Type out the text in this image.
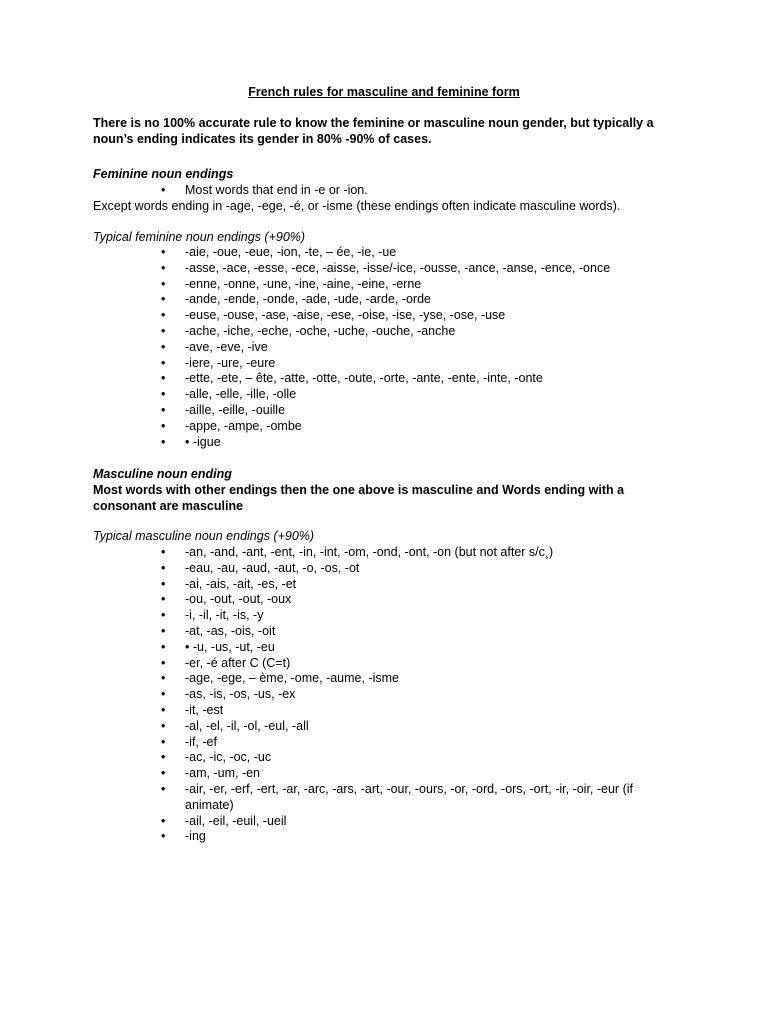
French rules for masculine and feminine form
There is no 100% accurate rule to know the feminine or masculine noun gender, but typically a noun’s ending indicates its gender in 80% -90% of cases.
Feminine noun endings
• Most words that end in -e or -ion.
Except words ending in -age, -ege, -é, or -isme (these endings often indicate masculine words).
Typical feminine noun endings (+90%)
• -aie, -oue, -eue, -ion, -te, – ée, -ie, -ue
• -asse, -ace, -esse, -ece, -aisse, -isse/-ice, -ousse, -ance, -anse, -ence, -once
• -enne, -onne, -une, -ine, -aine, -eine, -erne
• -ande, -ende, -onde, -ade, -ude, -arde, -orde
• -euse, -ouse, -ase, -aise, -ese, -oise, -ise, -yse, -ose, -use
• -ache, -iche, -eche, -oche, -uche, -ouche, -anche
• -ave, -eve, -ive
• -iere, -ure, -eure
• -ette, -ete, – ête, -atte, -otte, -oute, -orte, -ante, -ente, -inte, -onte
• -alle, -elle, -ille, -olle
• -aille, -eille, -ouille
• -appe, -ampe, -ombe
• • -igue
Masculine noun ending
Most words with other endings then the one above is masculine and Words ending with a consonant are masculine
Typical masculine noun endings (+90%)
• -an, -and, -ant, -ent, -in, -int, -om, -ond, -ont, -on (but not after s/c¸)
• -eau, -au, -aud, -aut, -o, -os, -ot
• -ai, -ais, -ait, -es, -et
• -ou, -out, -out, -oux
• -i, -il, -it, -is, -y
• -at, -as, -ois, -oit
• • -u, -us, -ut, -eu
• -er, -é after C (C=t)
• -age, -ege, – ème, -ome, -aume, -isme
• -as, -is, -os, -us, -ex
• -it, -est
• -al, -el, -il, -ol, -eul, -all
• -if, -ef
• -ac, -ic, -oc, -uc
• -am, -um, -en
• -air, -er, -erf, -ert, -ar, -arc, -ars, -art, -our, -ours, -or, -ord, -ors, -ort, -ir, -oir, -eur (if animate)
• -ail, -eil, -euil, -ueil
• -ing
